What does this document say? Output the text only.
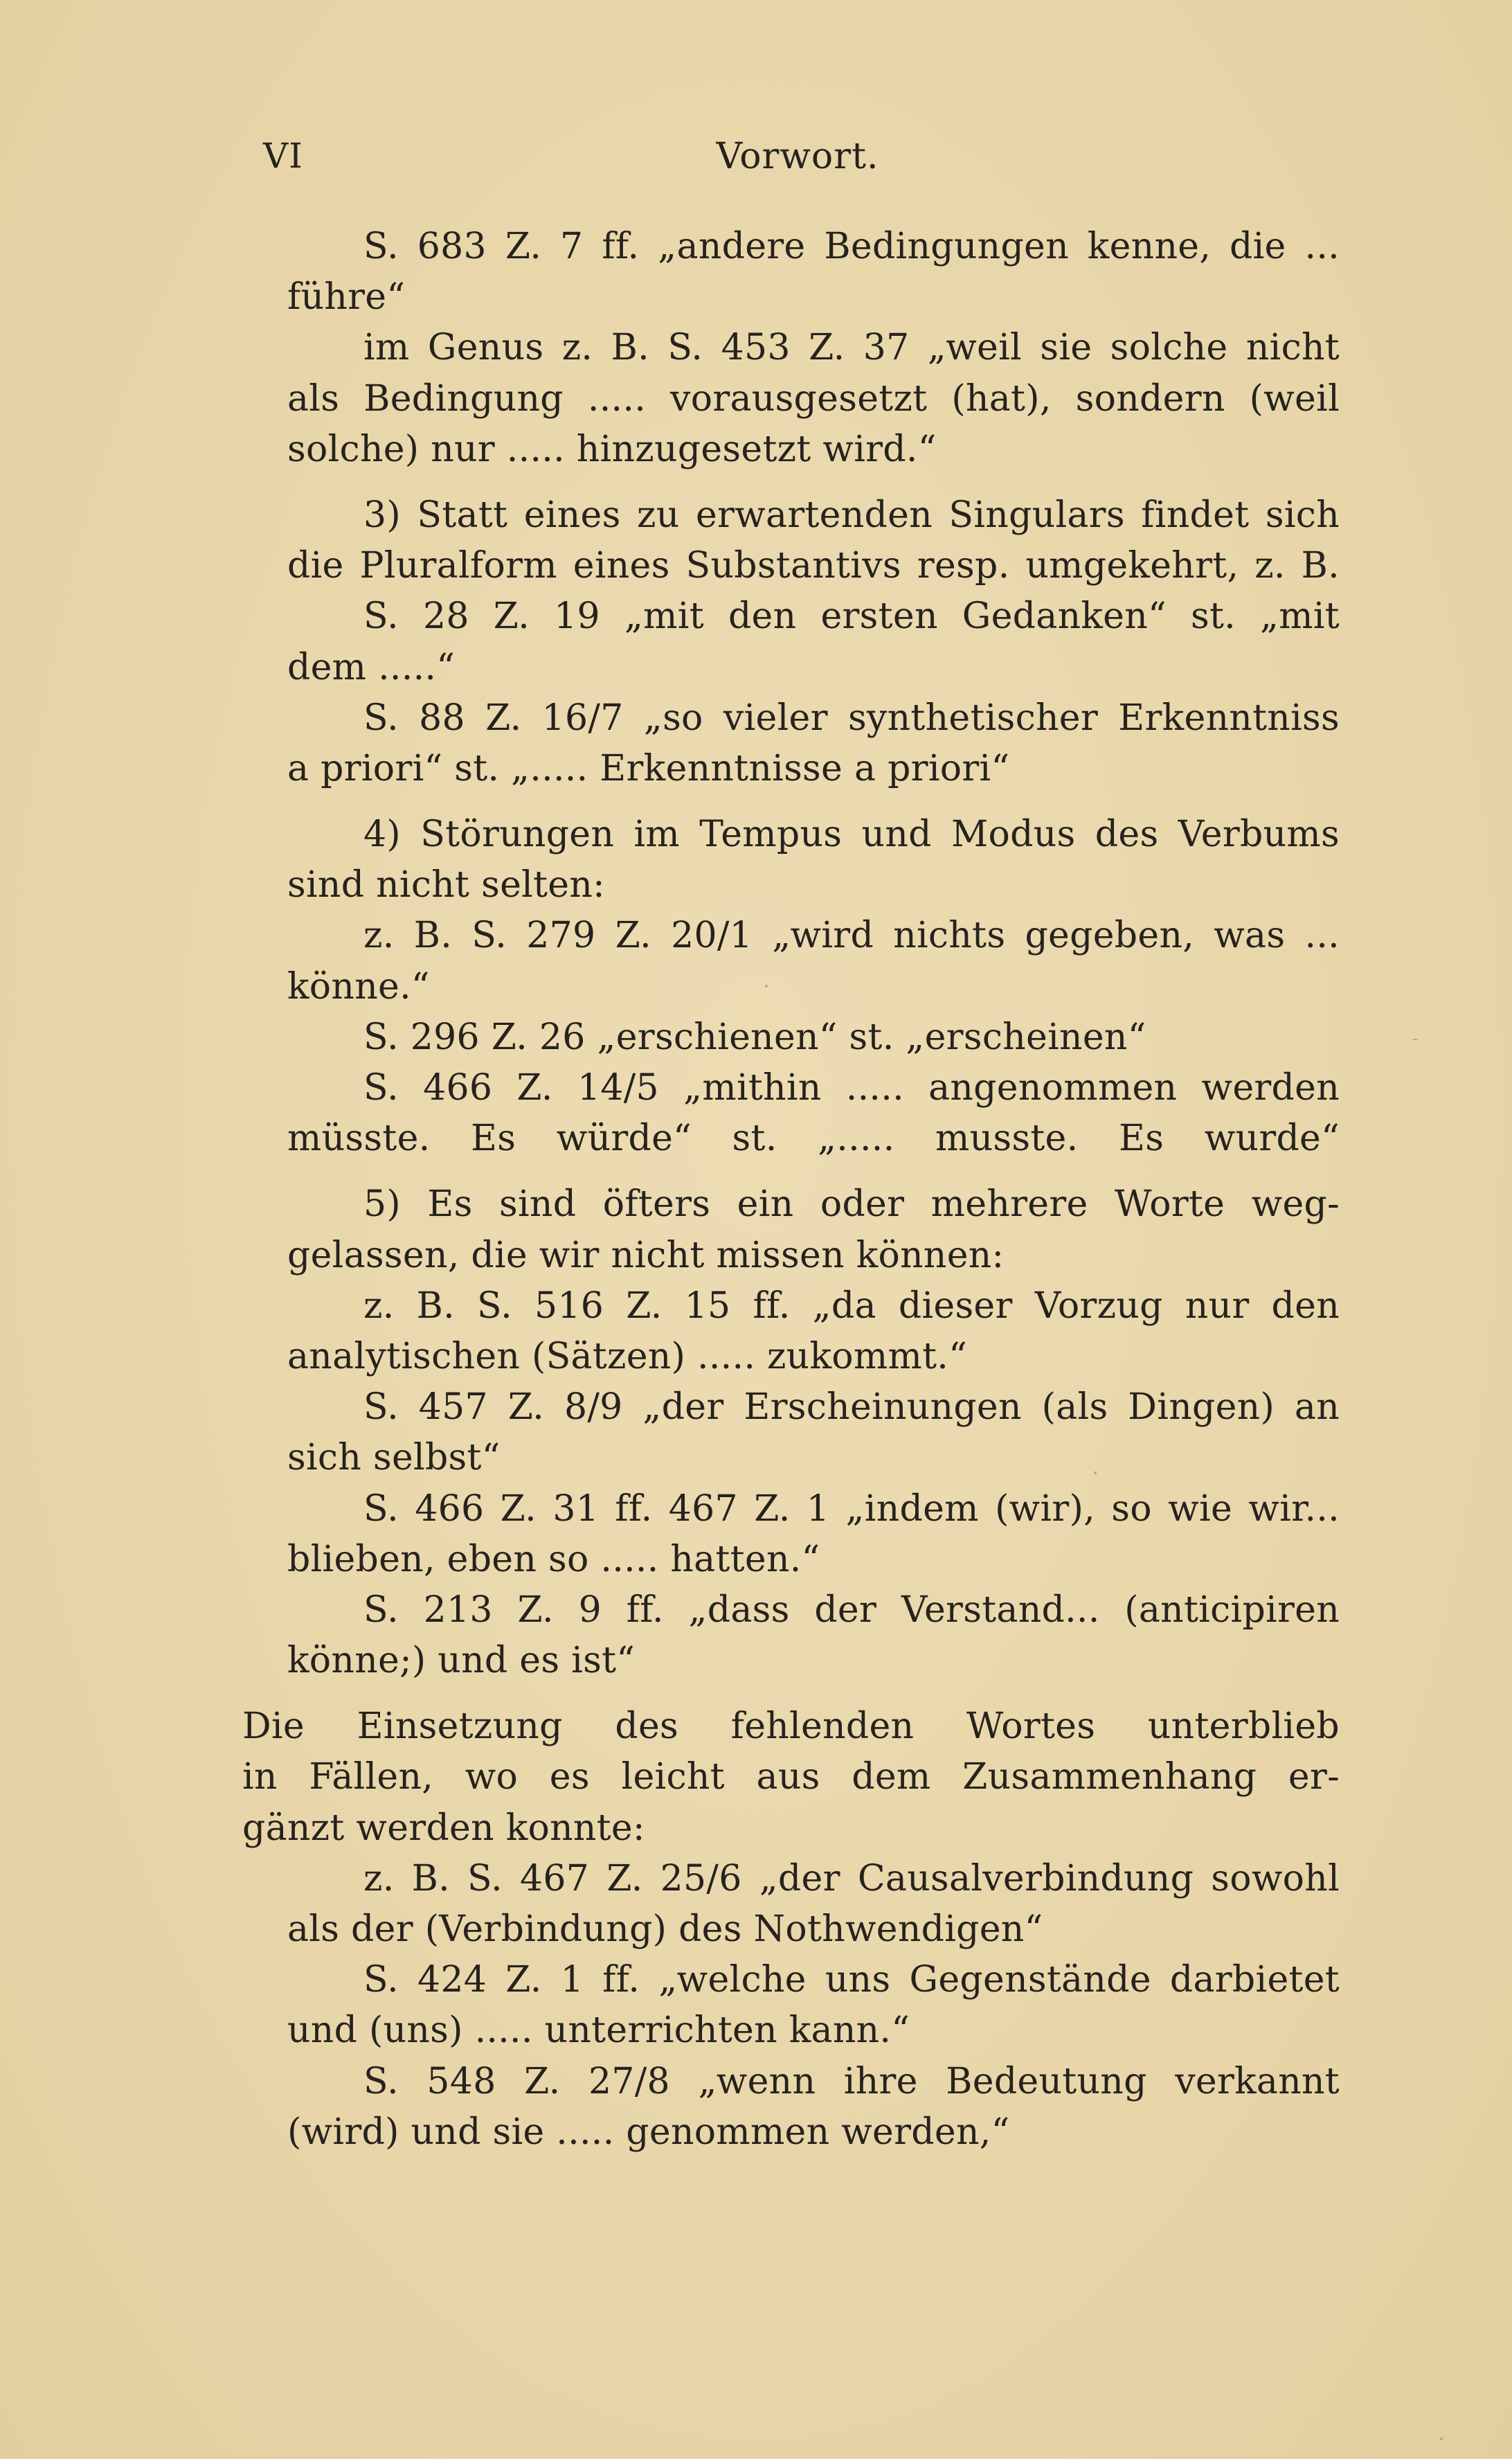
VI	Vorwort.
S. 683 Z. 7 ff. „andere Bedingungen kenne, die ...
führe“
im Genus z. B. S. 453 Z. 37 „weil sie solche nicht
als Bedingung ..... vorausgesetzt (hat), sondern (weil
solche) nur ..... hinzugesetzt wird.“
3) Statt eines zu erwartenden Singulars findet sich
die Pluralform eines Substantivs resp. umgekehrt, z. B.
S. 28 Z. 19 „mit den ersten Gedanken“ st. „mit
dem .....“
S. 88 Z. 16/7 „so vieler synthetischer Erkenntniss
a priori“ st. „..... Erkenntnisse a priori“
4) Störungen im Tempus und Modus des Verbums
sind nicht selten:
z. B. S. 279 Z. 20/1 „wird nichts gegeben, was ...
könne.“
S. 296 Z. 26 „erschienen“ st. „erscheinen“
S. 466 Z. 14/5 „mithin ..... angenommen werden
müsste. Es würde“ st. „..... musste. Es wurde“
5) Es sind öfters ein oder mehrere Worte weg-
gelassen, die wir nicht missen können:
z. B. S. 516 Z. 15 ff. „da dieser Vorzug nur den
analytischen (Sätzen) ..... zukommt.“
S. 457 Z. 8/9 „der Erscheinungen (als Dingen) an
sich selbst“
S. 466 Z. 31 ff. 467 Z. 1 „indem (wir), so wie wir...
blieben, eben so ..... hatten.“
S. 213 Z. 9 ff. „dass der Verstand... (anticipiren
könne;) und es ist“
Die Einsetzung des fehlenden Wortes unterblieb
in Fällen, wo es leicht aus dem Zusammenhang er-
gänzt werden konnte:
z. B. S. 467 Z. 25/6 „der Causalverbindung sowohl
als der (Verbindung) des Nothwendigen“
S. 424 Z. 1 ff. „welche uns Gegenstände darbietet
und (uns) ..... unterrichten kann.“
S. 548 Z. 27/8 „wenn ihre Bedeutung verkannt
(wird) und sie ..... genommen werden,“
